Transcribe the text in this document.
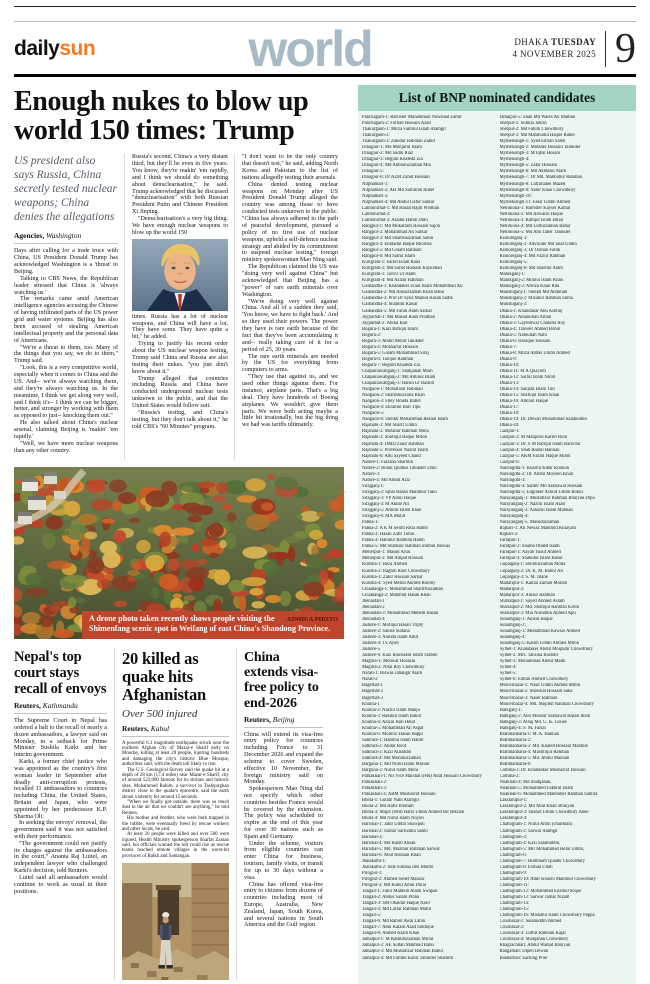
dailysun	world	DHAKA TUESDAY
4 NOVEMBER 2025 9
Enough nukes to blow up world 150 times: Trump
US president also says Russia, China secretly tested nuclear weapons; China denies the allegations
Agencies, Washington

Days after calling for a trade truce with China, US President Donald Trump has acknowledged Washington is a 'threat' to Beijing.

Talking to CBS News, the Republican leader stressed that China is 'always watching us.'

The remarks came amid American intelligence agencies accusing the Chinese of having infiltrated parts of the US power grid and water systems. Beijing has also been accused of stealing American intellectual property and the personal data of Americans.

"We're a threat to them, too. Many of the things that you say, we do to them," Trump said.

"Look, this is a very competitive world, especially when it comes to China and the US. And-- we're always watching them, and they're always watching us. In the meantime, I think we get along very well, and I think it's-- I think we can be bigger, better, and stronger by working with them as opposed to just-- knocking them out."

He also talked about China's nuclear arsenal, claiming Beijing is 'makin' 'em rapidly.'

"Well, we have more nuclear weapons than any other country.

Russia's second. China's a very distant third, but they'll be even in five years. You know, they're makin' 'em rapidly, and I think we should do something about denuclearisation," he said. Trump acknowledged that he discussed "denuclearisation" with both Russian President Putin and Chinese President Xi Jinping.

"Denuclearisation's a very big thing. We have enough nuclear weapons to blow up the world 150

times. Russia has a lot of nuclear weapons, and China will have a lot. They have some. They have quite a bit," he added.

Trying to justify his recent order about the US nuclear weapon testing, Trump said China and Russia are also testing their nukes. "you just don't know about it."

Trump alleged that countries including Russia and China have conducted underground nuclear tests unknown to the public, and that the United States would follow suit.

"Russia's testing, and China's testing, but they don't talk about it," he told CBS's "60 Minutes" program.

"I don't want to be the only country that doesn't test," he said, adding North Korea and Pakistan to the list of nations allegedly testing their arsenals.

China denied testing nuclear weapons on Monday after US President Donald Trump alleged the country was among those to have conducted tests unknown to the public. "China has always adhered to the path of peaceful development, pursued a policy of no first use of nuclear weapons, upheld a self-defence nuclear strategy and abided by its commitment to suspend nuclear testing," foreign ministry spokeswoman Mao Ning said.

The Republican claimed the US was "doing very well against China" but acknowledged that Beijing has a "power" of rare earth minerals over Washington.

"We're doing very well against China. And all of a sudden they said, 'You know, we have to fight back.' And so they used their powers. The power they have is rare earth because of the fact that they've been accumulating it and-- really taking care of it for a period of 25, 30 years.

The rare earth minerals are needed by the US for everything from computers to arms.

"They use that against us, and we used other things against them. For instance, airplane parts. That's a big deal. They have hundreds of Boeing airplanes. We wouldn't give them parts. We were both acting maybe a little bit irrationally, but the big thing we had was tariffs ultimately.

-XINHUA PHOTO
A drone photo taken recently shows people visiting the Shimenfang scenic spot in Weifang of east China's Shandong Province.
Nepal's top court stays recall of envoys
Reuters, Kathmandu

The Supreme Court in Nepal has ordered a halt to the recall of nearly a dozen ambassadors, a lawyer said on Monday, in a setback for Prime Minister Sushila Karki and her interim government.

Karki, a former chief justice who was appointed as the country's first woman leader in September after deadly anti-corruption protests, recalled 11 ambassadors to countries including China, the United States, Britain and Japan, who were appointed by her predecessor K.P. Sharma Oli.

In seeking the envoys' removal, the government said it was not satisfied with their performance.

"The government could not justify its charges against the ambassadors in the court," Ananta Raj Luitel, an independent lawyer who challenged Karki's decision, told Reuters.

Luitel said all ambassadors would continue to work as usual in their positions.

20 killed as quake hits Afghanistan
Over 500 injured
Reuters, Kabul

A powerful 6.3 magnitude earthquake struck near the northern Afghan city of Mazar-e Sharif early on Monday, killing at least 20 people, injuring hundreds and damaging the city's historic Blue Mosque, authorities said, with the death toll likely to rise.

The U.S. Geological Survey said the quake hit at a depth of 28 km (17.4 miles) near Mazar-e Sharif, city of around 523,000 famous for its shrines and historic sites. Mohammad Rahim, a survivor in Tashqurghan district close to the quake's epicentre, said the earth shook violently for around 15 seconds.

"When we finally got outside, there was so much dust in the air that we couldn't see anything," he told Reuters.

His mother and brother, who were both trapped in the rubble, were eventually freed by rescue workers and other locals, he said.

At least 20 people were killed and over 500 were injured, Health Ministry spokesperson Sharfat Zaman said, but officials warned the toll could rise as rescue teams reached remote villages in the worst-hit provinces of Balkh and Samangan.

China extends visa-free policy to end-2026
Reuters, Beijing

China will extend its visa-free entry policy for countries including France to 31 December 2026 and expand the scheme to cover Sweden, effective 10 November, the foreign ministry said on Monday.

Spokesperson Mao Ning did not specify which other countries besides France would be covered by the extension. The policy was scheduled to expire at the end of this year for over 30 nations such as Spain and Germany.

Under the scheme, visitors from eligible countries can enter China for business, tourism, family visits, or transit for up to 30 days without a visa.

China has offered visa-free entry to citizens from dozens of countries including most of Europe, Australia, New Zealand, Japan, South Korea, and several nations in South America and the Gulf region.

List of BNP nominated candidates
Panchagarh-1: Barrister Muhammad Nawshad Zamir
Panchagarh-2: Forhad Hossain Azad
Thakurgaon-1: Mirza Fakhrul Islam Alamgir
Thakurgaon-2:
Thakurgaon-3: Zahidur Rahman Zahid
Dinajpur-1: Md Monjurul Islam
Dinajpur-2: Md Sadik Riaz
Dinajpur-3: Begum Khaleda Zia
Dinajpur-4: Md Akhtaruzzaman Mia
Dinajpur-5:
Dinajpur-6: Dr AZM Zahid Hossain
Nilphamari-1:
Nilphamari-2: AH Md Saifullah Rubel
Nilphamari-3:
Nilphamari-4: Md Abdul Gafur Sarkar
Lalmonirhat-1: Md Hasan Rajib Prodhan
Lalmonirhat-2:
Lalmonirhat-3: Asadul Habib Dulu
Rangpur-1: Md Mokarram Hossain Sajon
Rangpur-2: Mohammad Ali Sarkar
Rangpur-3: Md Shamsuzzaman Samu
Rangpur-4: Emdadul Haque Bhorosa
Rangpur-5: Md Golam Rabbani
Rangpur-6: Md Saiful Islam
Kurigram-1: Saiful Islam Rana
Kurigram-2: Md Sohel Hossain Kaykobad
Kurigram-3: Tasvir Ul Islam
Kurigram-4: Md Azizur Rahman
Gaibandha-1: Khandaker Ziaul Islam Mohammad Ali
Gaibandha-2: Md Anisuzzaman Khan Babu
Gaibandha-3: Prof Dr Syed Mainul Hasan Sadik
Gaibandha-4: Shamim Kaisar
Gaibandha-5: Md Faruk Alam Sarkar
Joypurhat-1: Md Masud Rana Prodhan
Joypurhat-2: Abdul Bari
Bogura-1: Kazi Rafiqul Islam
Bogura-2:
Bogura-3: Abdul Mohit Talukder
Bogura-4: Mosharraf Hossain
Bogura-5: Golam Mohammad Siraj
Bogura-6: Tarique Rahman
Bogura-7: Begum Khaleda Zia
Chapainawabganj-1: Shahjahan Miah
Chapainawabganj-2: Md Aminul Islam
Chapainawabganj-3: Harun Ur Rashid
Naogaon-1: Mostafizur Rahman
Naogaon-2: Shamshuzzoha Khan
Naogaon-3: Fdey Houda Babol
Naogaon-4: Ekramul Bari Tipu
Naogaon-5:
Naogaon-6: Sheikh Mohammad Rezaul Islam
Rajshahi-1: Md Sharif Uddin
Rajshahi-2: Mizanur Rahman Minu
Rajshahi-3: Shofiqul Haque Milon
Rajshahi-4: DMD Ziaur Rahman
Rajshahi-5: Professor Nazrul Islam
Rajshahi-6: Abu Sayeed Chand
Natore-1: Farzana Sharmin
Natore-2: Ruhul Quddus Talukder Dulu
Natore-3:
Natore-4: Md Abdul Aziz
Sirajganj-1:
Sirajganj-2: Iqbal Hasan Mahmud Tuku
Sirajganj-3: VP Ainul Haque
Sirajganj-4: M Akbar Ali
Sirajganj-5: Amirul Islam Khan
Sirajganj-6: MA Muhit
Pabna-1:
Pabna-2: A K M Selim Reza Habib
Pabna-3: Hasan Zafir Tuhin
Pabna-4: Habibur Rahman Habib
Pabna-5: Md Shamsur Rahman Shimul Biswas
Meherpur-1: Masud Arun
Meherpur-2: Md Amjad Hossain
Kushtia-1: Reza Ahmed
Kushtia-2: Raghib Rauf Chowdhury
Kushtia-3: Zakir Hossain Sarkar
Kushtia-4: Syed Mehdi Ahmed Roomy
Chuadanga-1: Mohammad Shariffuzzaman
Chuadanga-2: Mahmud Hasan Khan
Jhenaidah-1
Jhenaidah-2
Jhenaidah-3: Mohammad Mehedi Hasan
Jhenaidah-4
Jashore-1: Mofiqul Hasan Tripty
Jashore-2: Sabira Sultana
Jashore-3: Aninda Islam Amit
Jashore-4: TS Ayub
Jashore-5
Jashore-6: Kazi Rawnakul Islam Srabon
Magura-1: Monwar Hossain
Magura-2: Nitai Roy Chowdhury
Narail-1: Biswas Jahangir Alam
Narail-2
Bagerhat-1
Bagerhat-2
Bagerhat-3
Khulna-1
Khulna-2: Nazrul Islam Manju
Khulna-3: Rakibul Islam Bakul
Khulna-4: Azizul Bari Helal
Khulna-5: Mohammad Ali Asgar
Khulna-6: Monirul Hasan Bappi
Satkhira-1: Habibul Islam Habib
Satkhira-2: Abdur Rouf
Satkhira-3: Kazi Alauddin
Satkhira-4: Md Moninuzzaman
Barguna-1: Md Nurul Islam Mollah
Barguna-2: Nurul Islam Moni
Patuakhali-1: Air Vice Marshal (retd) Altaf Hossain Chowdhury
Patuakhali-2:
Patuakhali-3:
Patuakhali-4: ABM Mosharraf Hossain
Bhola-1: Golam Nabi Alamgir
Bhola-2: Md Hafiz Ibrahim
Bhola-3: Major (retd) Hafiz Uddin Ahmed Bir Bikram
Bhola-4: Md Nurul Islam Noyon
Barishal-1: Jahir Uddin Shawpon
Barishal-2: Sardar Sarfuddin Santu
Barishal-3:
Barishal-4: Md Razib Ahsan
Barishal-5: Md. Mazibur Rahman Sarwar
Barishal-6: Abul Hossain Khan
Jhalakathi-1:
Jhalakathi-2: Israt Sultana Ilen Bhutto
Pirojpur-1:
Pirojpur-2: Ahmed Sohel Manzur
Pirojpur-3: Md Ruhul Amin Dulal
Tangail-1: Fakir Mahbub Anam Swapan
Tangail-2: Abdus Salam Pinnu
Tangail-3: SM Obaidul Haque Nasir
Tangail-4: Md Lutfar Rahman Matin
Tangail-5:
Tangail-6: Md Rabiul Awal Lablu
Tangail-7: Abul Kalam Azad Siddique
Tangail-8: Ahmed Azam Khan
Jamalpur-1: M Rashiduzzaman Millat
Jamalpur-2: AE Sultan Mahmud Babu
Jamalpur-3: Md Mustafizur Rahman Babul
Jamalpur-4: Md Faridul Kabir Talukder Shamim
Jamalpur-5: Shah Md Wares Ali Mamun
Sherpur-1: Sumila Jabrin
Sherpur-2: Md Fahim Chowdhury
Sherpur-3: Md Mahmudul Haque Rubel
Mymensingh-1: Syed Emran Saleh
Mymensingh-2: Motaher Hossain Talukder
Mymensingh-3: M Iqbal Hosain
Mymensingh-4:
Mymensingh-5: Zakir Hossain
Mymensingh-6: Md Akhtarul Alam
Mymensingh-7: Dr Md. Mahbubur Rahman
Mymensingh-8: Lutfullahel Mazed
Mymensingh-9: Yaser Khan Chowdhury
Mymensingh-10:
Mymensingh-11: Fakir Uddin Ahmed
Netrokona-1: Barrister Kayser Kamal
Netrokona-2: Md Anwarul Haque
Netrokona-3: Rafiqul Islam Hilali
Netrokona-4: Md Lutfuzzaman Babar
Netrokona-5: Md Abu Taher Talukder
Kishoreganj-1:
Kishoreganj-2: Advocate Md Jalal Uddin
Kishoreganj-3: Dr Osman Faruk
Kishoreganj-4: Md Fazlur Rahman
Kishoreganj-5:
Kishoreganj-6: Md Shariful Alam
Manikganj-1:
Manikganj-2: Moinul Islam Khan
Manikganj-3: Afroza Khan Rita
Munshiganj-1: Sheikh Md Abdullah
Munshiganj-2: Mizanur Rahman Sinha
Munshiganj-3:
Dhaka-1: Khandakar Abu Ashfaq
Dhaka-2: Amanullah Aman
Dhaka-3: Gayeshwar Chandra Roy
Dhaka-4: Tanveer Ahmed Robin
Dhaka-5: Nabiullah Nabi
Dhaka-6: Ishraque Hossain
Dhaka-7:
Dhaka-8: Mirza Abbas Uddin Ahmed
Dhaka-9:
Dhaka-10:
Dhaka-11: M A Quayum
Dhaka-12: Saiful Islam Nirob
Dhaka-13:
Dhaka-14: Sanjida Islam Tuli
Dhaka-15: Shafiqul Islam Khan
Dhaka-16: Aminul Haque
Dhaka-17:
Dhaka-18:
Dhaka-19: Dr. Dewan Mohammad Salahuddin
Dhaka-20:
Gazipur-1:
Gazipur-2: M Manjurul Karim Roni
Gazipur-3: Dr. S M Rafiqul Islam Bachchu
Gazipur-4: Shah Riazul Hannan
Gazipur-5: AKM Fazlul Haque Milon
Gazipur-6:
Narsingdhi-1: Khairul Kabir Khokon
Narsingdhi-2: Dr. Abdul Moyeen Khan
Narsingdhi-3:
Narsingdhi-4: Sarder Md Sakhawat Hossain
Narsingdhi-5: Engineer Ashraf Uddin Bokul
Narayanganj-1: Mustafizur Rahman Bhuiyan Dipu
Narayanganj-2: Nazrul Islam Azad
Narayanganj-3: Azharul Islam Mannan
Narayanganj-4:
Narayanganj-5: Masuduzzaman
Rajbari-1: Ali Newaz Mahmud Khaiyam
Rajbari-2:
Faridpur-1:
Faridpur-2: Shama Obaed Islam
Faridpur-3: Nayab Yusuf Ahmed
Faridpur-4: Shahidul Islam Babul
Gopalganj-1: Selimuzzaman Molla
Gopalganj-2: Dr. K. M. Babor Ali
Gopalganj-3: S. M. Jilane
Madaripur-1: Kamal Zaman Mollah
Madaripur-2:
Madaripur-3: Anisur Rahman
Shariatpur-1: Sayed Ahmed Aslam
Shariatpur-2: Md. Shafiqul Rahman Kiron
Shariatpur-3: Mia Nuruddin Ahmed Apu
Sunamganj-1: Anisul Haque
Sunamganj-2:
Sunamganj-3: Mohammad Kawsar Ahmed
Sunamganj-4:
Sunamganj-5: Kalim Uddin Ahmed Milon
Sylhet-1: Khandaker Abdul Moqtadir Chowdhury
Sylhet-2: Mrs. Tahsina Rushdir
Sylhet-3: Mohammad Abdul Malik
Sylhet-4:
Sylhet-5:
Sylhet-6: Emran Ahmed Chowdhury
Moulvibazar-1: Nasir Uddin Ahmed Mithu
Moulvibazar-2: Shawkat Hossain Saka
Moulvibazar-3: Naser Rahman
Moulvibazar-4: Md. Mojibur Rahman Chowdhury
Habiganj-1:
Habiganj-2: Abu Monsur Sakhawat Hasan Jibon
Habiganj-3: Alhaj Md. G. K. Gouse
Habiganj-4: S. M. Faisal
Brahmanbaria-1: M. A. Hannan
Brahmanbaria-2:
Brahmanbaria-3: Md. Khaled Hossain Mahbub
Brahmanbaria-4: Mushfiqur Rahman
Brahmanbaria-5: Md. Abdul Mannan
Brahmanbaria-6:
Comilla-1: Dr. Khandaker Mosharraf Hossain
Comilla-2:
Noakhali-4: Md Shahjahan,
Noakhali-5: Mohammed Fakhrul Islam
Noakhali-6: Mohammed Mahbuber Rahman Samira
Lakshmipur-1:
Lakshmipur-2: Md Abul Khair Bhuiyan
Lakshmipur-3: Shahid Uddin Chowdhury Anee
Lakshmipur-4:
Chattogram-1: Nurul Amin (chairman)
Chattogram-2: Sarwar Alamgir
Chattogram-3:
Chattogram-4: Kazi Salahuddin,
Chattogram-5: Mir Mohammed Helal Uddin,
Chattogram-6:
Chattogram-7: Hummam Quader Chowdhury
Chattogram-8: Ershad Ullah
Chattogram-9:
Chattogram-10: Amir Khasru Mahmud Chowdhury
Chattogram-11:
Chattogram-12: Mohammed Enamul hoque
Chattogram-13: Sarwar Jamal Nizam
Chattogram-14:
Chattogram-15:
Chattogram-16: Miskatul Islam Chowdhury Pappa
Coxsbazar-1: Salahuddin Ahmed
Coxsbazar-2:
Coxsbazar-3: Lutfur Rahman Kajal
Coxsbazar-4: Shahjahan Chowdhury
Khagrachhari: Abdul Wadud Bhuiyan
Rangamati: Dipen Dewan
Bandarban: Saching Prue
